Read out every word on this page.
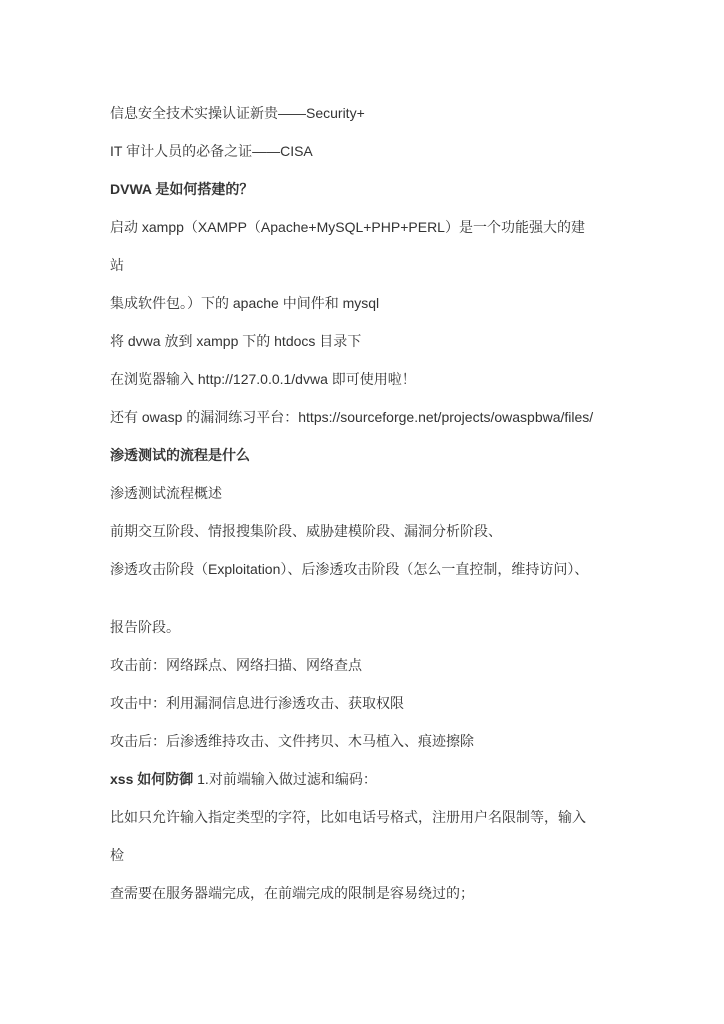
信息安全技术实操认证新贵——Security+

IT 审计人员的必备之证——CISA

DVWA 是如何搭建的？

启动 xampp（XAMPP（Apache+MySQL+PHP+PERL）是一个功能强大的建

站

集成软件包。）下的 apache 中间件和 mysql

将 dvwa 放到 xampp 下的 htdocs 目录下

在浏览器输入 http://127.0.0.1/dvwa 即可使用啦！

还有 owasp 的漏洞练习平台：https://sourceforge.net/projects/owaspbwa/files/

渗透测试的流程是什么

渗透测试流程概述

前期交互阶段、情报搜集阶段、威胁建模阶段、漏洞分析阶段、

渗透攻击阶段（Exploitation）、后渗透攻击阶段（怎么一直控制，维持访问）、

报告阶段。

攻击前：网络踩点、网络扫描、网络查点

攻击中：利用漏洞信息进行渗透攻击、获取权限

攻击后：后渗透维持攻击、文件拷贝、木马植入、痕迹擦除

xss 如何防御 1.对前端输入做过滤和编码：

比如只允许输入指定类型的字符，比如电话号格式，注册用户名限制等，输入

检

查需要在服务器端完成，在前端完成的限制是容易绕过的；
